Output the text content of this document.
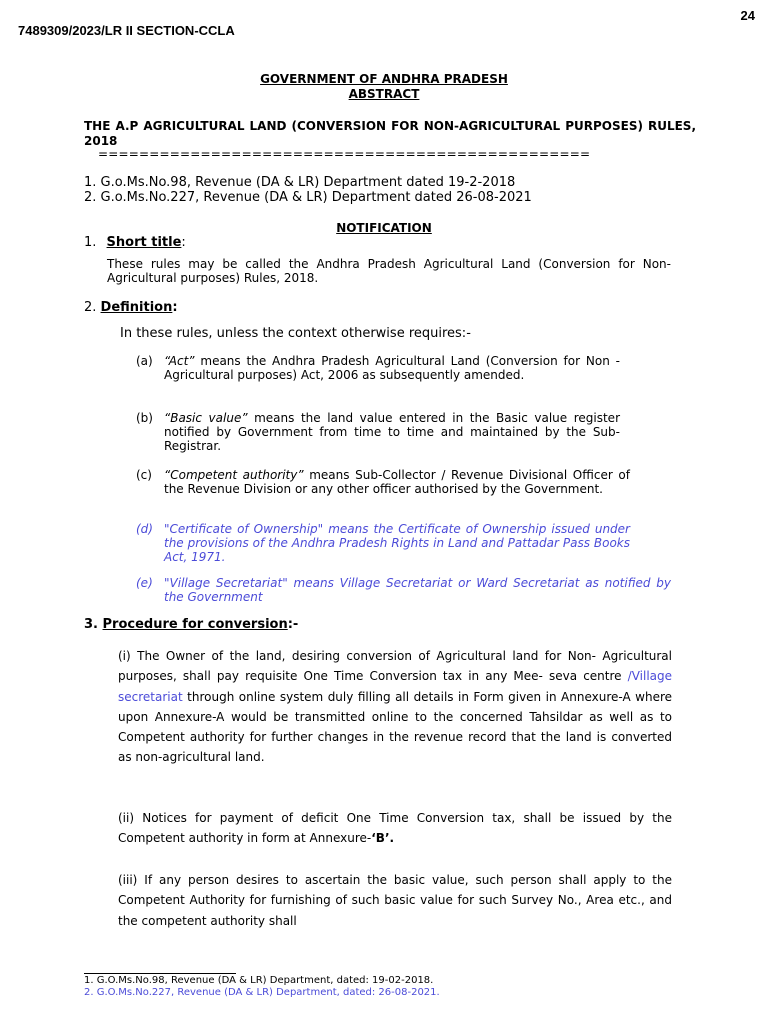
7489309/2023/LR II SECTION-CCLA
24
GOVERNMENT OF ANDHRA PRADESH
ABSTRACT
THE A.P AGRICULTURAL LAND (CONVERSION FOR NON-AGRICULTURAL PURPOSES) RULES, 2018
================================================
1. G.o.Ms.No.98, Revenue (DA & LR) Department dated 19-2-2018
2. G.o.Ms.No.227, Revenue (DA & LR) Department dated 26-08-2021
NOTIFICATION
1. Short title:
These rules may be called the Andhra Pradesh Agricultural Land (Conversion for Non-Agricultural purposes) Rules, 2018.
2. Definition:
In these rules, unless the context otherwise requires:-
(a) “Act” means the Andhra Pradesh Agricultural Land (Conversion for Non -Agricultural purposes) Act, 2006 as subsequently amended.
(b) “Basic value” means the land value entered in the Basic value register notified by Government from time to time and maintained by the Sub- Registrar.
(c) “Competent authority” means Sub-Collector / Revenue Divisional Officer of the Revenue Division or any other officer authorised by the Government.
(d) "Certificate of Ownership" means the Certificate of Ownership issued under the provisions of the Andhra Pradesh Rights in Land and Pattadar Pass Books Act, 1971.
(e) "Village Secretariat" means Village Secretariat or Ward Secretariat as notified by the Government
3. Procedure for conversion:-
(i) The Owner of the land, desiring conversion of Agricultural land for Non- Agricultural purposes, shall pay requisite One Time Conversion tax in any Mee- seva centre /Village secretariat through online system duly filling all details in Form given in Annexure-A where upon Annexure-A would be transmitted online to the concerned Tahsildar as well as to Competent authority for further changes in the revenue record that the land is converted as non-agricultural land.
(ii) Notices for payment of deficit One Time Conversion tax, shall be issued by the Competent authority in form at Annexure-‘B’.
(iii) If any person desires to ascertain the basic value, such person shall apply to the Competent Authority for furnishing of such basic value for such Survey No., Area etc., and the competent authority shall
1. G.O.Ms.No.98, Revenue (DA & LR) Department, dated: 19-02-2018.
2. G.O.Ms.No.227, Revenue (DA & LR) Department, dated: 26-08-2021.
